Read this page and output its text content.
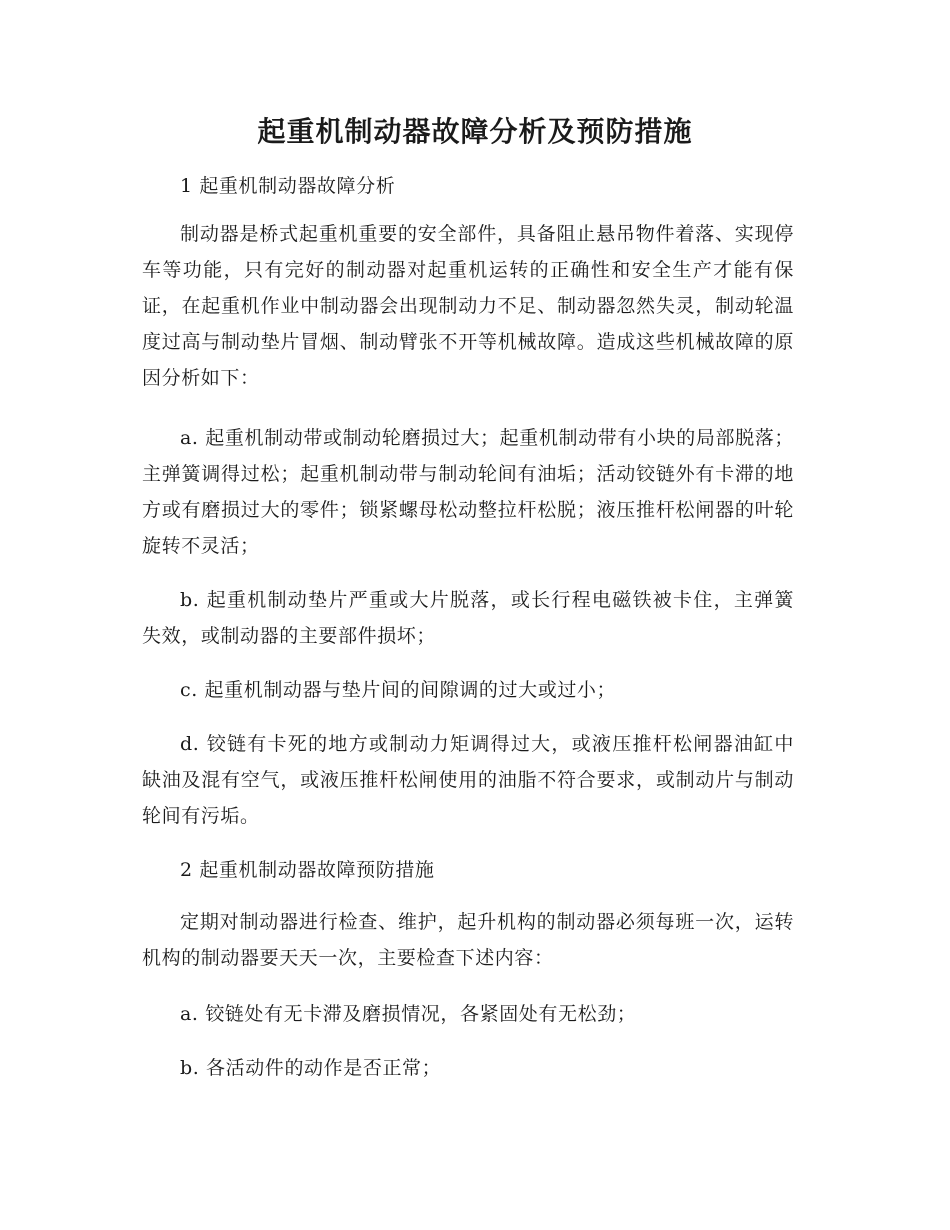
起重机制动器故障分析及预防措施

1 起重机制动器故障分析

制动器是桥式起重机重要的安全部件，具备阻止悬吊物件着落、实现停车等功能，只有完好的制动器对起重机运转的正确性和安全生产才能有保证，在起重机作业中制动器会出现制动力不足、制动器忽然失灵，制动轮温度过高与制动垫片冒烟、制动臂张不开等机械故障。造成这些机械故障的原因分析如下：

a. 起重机制动带或制动轮磨损过大；起重机制动带有小块的局部脱落；主弹簧调得过松；起重机制动带与制动轮间有油垢；活动铰链外有卡滞的地方或有磨损过大的零件；锁紧螺母松动整拉杆松脱；液压推杆松闸器的叶轮旋转不灵活；

b. 起重机制动垫片严重或大片脱落，或长行程电磁铁被卡住，主弹簧失效，或制动器的主要部件损坏；

c. 起重机制动器与垫片间的间隙调的过大或过小；

d. 铰链有卡死的地方或制动力矩调得过大，或液压推杆松闸器油缸中缺油及混有空气，或液压推杆松闸使用的油脂不符合要求，或制动片与制动轮间有污垢。

2 起重机制动器故障预防措施

定期对制动器进行检查、维护，起升机构的制动器必须每班一次，运转机构的制动器要天天一次，主要检查下述内容：

a. 铰链处有无卡滞及磨损情况，各紧固处有无松劲；

b. 各活动件的动作是否正常；
